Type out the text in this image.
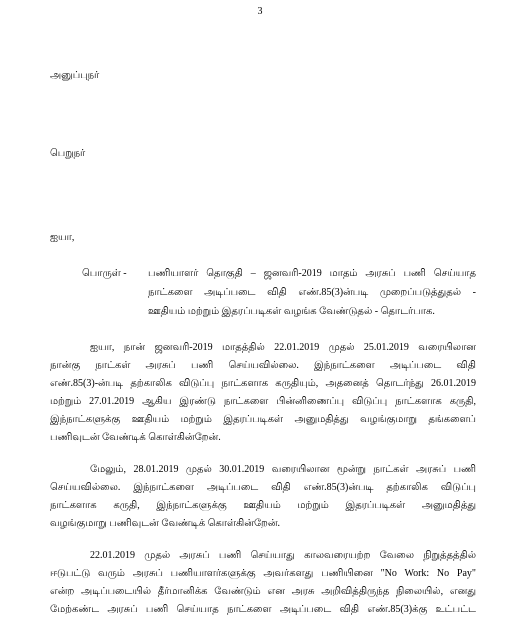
3
அனுப்புநர்
பெறுநர்
ஐயா,
பொருள் - பணியாளர் தொகுதி – ஜனவரி-2019 மாதம் அரசுப் பணி செய்யாத
நாட்களை அடிப்படை விதி எண்.85(3)ன்படி முறைப்படுத்துதல் -
ஊதியம் மற்றும் இதரப்படிகள் வழங்க வேண்டுதல் - தொடர்பாக.
ஐயா, நான் ஜனவரி-2019 மாதத்தில் 22.01.2019 முதல் 25.01.2019 வரையிலான
நான்கு நாட்கள் அரசுப் பணி செய்யவில்லை. இந்நாட்களை அடிப்படை விதி
எண்.85(3)-ன்படி தற்காலிக விடுப்பு நாட்களாக கருதியும், அதனைத் தொடர்ந்து 26.01.2019
மற்றும் 27.01.2019 ஆகிய இரண்டு நாட்களை பின்னிணைப்பு விடுப்பு நாட்களாக கருதி,
இந்நாட்களுக்கு ஊதியம் மற்றும் இதரப்படிகள் அனுமதித்து வழங்குமாறு தங்களைப்
பணிவுடன் வேண்டிக் கொள்கின்றேன்.
மேலும், 28.01.2019 முதல் 30.01.2019 வரையிலான மூன்று நாட்கள் அரசுப் பணி
செய்யவில்லை. இந்நாட்களை அடிப்படை விதி எண்.85(3)ன்படி தற்காலிக விடுப்பு
நாட்களாக கருதி, இந்நாட்களுக்கு ஊதியம் மற்றும் இதரப்படிகள் அனுமதித்து
வழங்குமாறு பணிவுடன் வேண்டிக் கொள்கின்றேன்.
22.01.2019 முதல் அரசுப் பணி செய்யாது காலவரையற்ற வேலை நிறுத்தத்தில்
ஈடுபட்டு வரும் அரசுப் பணியாளர்களுக்கு அவர்களது பணியினை "No Work: No Pay"
என்ற அடிப்படையில் தீர்மானிக்க வேண்டும் என அரசு அறிவித்திருந்த நிலையில், எனது
மேற்கண்ட அரசுப் பணி செய்யாத நாட்களை அடிப்படை விதி எண்.85(3)க்கு உட்பட்ட
